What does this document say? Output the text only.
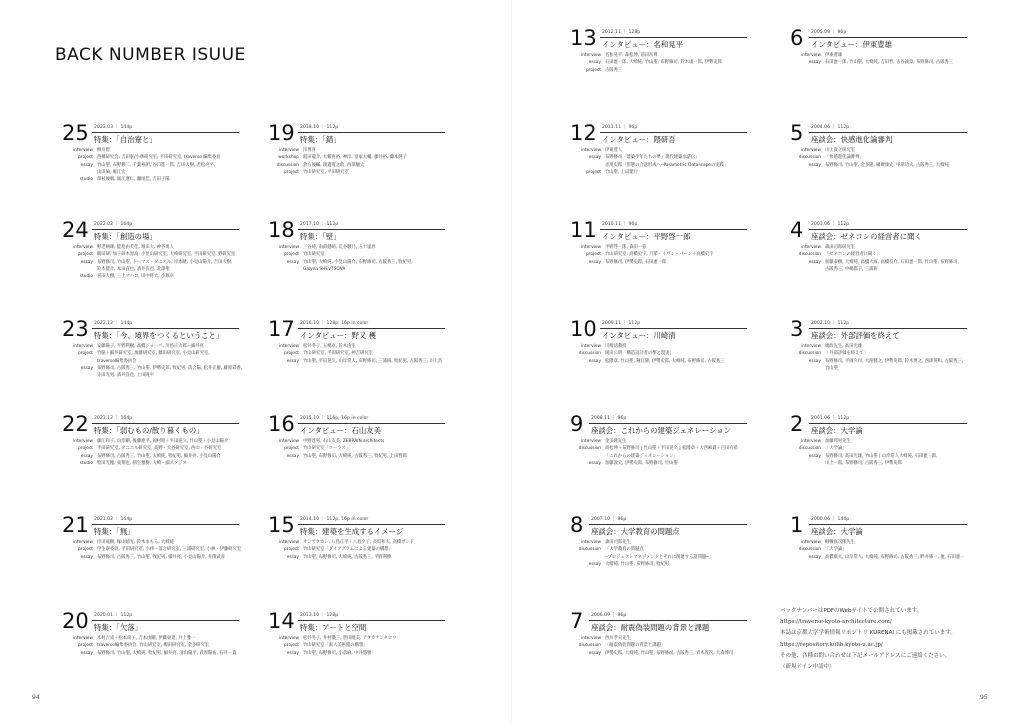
BACK NUMBER ISUUE
25 2023.03 ｜ 144p
特集：「自治寮と」
interview 柳川碧
project 西棟研究会, 吉田寮/小林研究室, 平田研究室, traverse 編集委員
essay 竹山聖, 布野修二, 千葉裕朗, 谷口進一郎, 吉田大樹, 若松亮平,
山田倫, 堀江宏
studio 澤村俊朝, 堀江遼仁, 瀬尾佳, 吉田子陽
19 2018.10 ｜ 112p
特集：「錯」
interview 岸博喜
workshop 阪田龍介, 大藪将裕, 神岸, 富家大輔, 藤井裕, 藤本純子
discussion 倉方俊輔, 渡邊寛之助, 西澤駿太
project 竹山研究室, 平田研究室
24 2022.02 ｜ 164p
特集：「創造の場」
interview 野老朝雄, 能島由芙佳, 増田大, 神谷勇人
project 飯田研, 加子研木原高, 小見山研究室, 大崎研究室, 平田研究室, 野研究室
essay 布野修司, 竹山聖, トーマス・ダニエル, 岸本暁, 小見山陽介, 吉田大樹,
鈴木健介, 本田直也, 酒井良也, 北澤聖
studio 宮田大樹, 三上マハロ, 田中将太, 小堀卓
18 2017.10 ｜ 112p
特集：「壁」
interview 三谷純, 南部健晴, 荒谷駿乃, 五十嵐淳
project 竹山研究室
essay 竹山聖, 大崎純, 小見山陽介, 布野修司, 古阪秀三, 牧紀男,
Galyna SHEVTSOVA
23 2022.12 ｜ 144p
特集：「今、境界をつくるということ」
interview 安藤陽子, 平野利樹, 高橋ジョーベ, 川島正太郎＋細井亮
project 竹脇＋細井研究室, 加藤研究室, 藤田研究室, 小見山研究室,
traverse編集委員会
essay 布野修司, 古阪秀三, 竹山聖, 伊勢史郎, 牧紀男, 落合陽, 松井正慶, 藤原彩香,
寺田光男, 酒井良也, 上田隆平
17 2016.10 ｜ 128p, 16p in color
インタビュー：野又 穫
interview 松井冬子, 五嶋卓, 鈴木由生
project 竹山研究室, 平田研究室, 神吉研究室
essay 竹山聖, 平田晃久, 山岸常人, 布野修司, 三浦研, 牧紀男, 古阪秀三, 川上浩
22 2021.12 ｜ 164p
特集：「弱むもの/散り暮くもの」
interview 藤江和子, 山岸剛, 後藤連平, 岡村昭＋平田晃久, 竹山聖＋小見山陽介
project 平田研究室, ダニエル研究室, 高野・大谷研究室, 西山・谷研究室
essay 布野修司, 古阪秀三, 竹山聖, 大崎純, 牧紀男, 細井亮, 小見山陽介
studio 牧田光穂, 東翔也, 園生雅樹, 大崎・細スタジオ
16 2015.10 ｜ 116p, 16p in color
インタビュー：石山友美
interview 中野達男, 石山友美, ZEBRAIN architects
project 竹山研究室「コーラス」
essay 竹山聖, 布野修司, 大崎純, 古阪秀三, 牧紀男, 上田哲郎
21 2021.02 ｜ 164p
特集：「無」
interview 岸田竜樹, 塚山晴光, 鈴木まもる, 大崎純
project 学生寮委員, 平田研究室, 小林・落合研究室, 三浦研究室, 小林・伊藤研究室
essay 布野修司, 古阪秀三, 竹山聖, 牧紀男, 細井亮, 小見山陽介, 井関武彦
15 2014.10 ｜ 112p, 16p in color
特集：建築を生成するイメージ
interview オンサタカシ, 八島正平＋八島夕子, 長坂和夫, 高橋ボンド
project 竹山研究室「ダイアグラムによる建築の構想」
essay 竹山聖, 布野修司, 大崎純, 古阪秀三, 平野利樹
20 2020.01 ｜ 112p
特集：「欠落」
interview 木村吉成＋松本尚子, 吉本由剛, 伊藤東達, 井上雅一
project traverse編集委員会, 竹山研究室, 柳田研究室, 金多研究室
essay 布野修司, 竹山聖, 大崎純, 牧紀男, 細井亮, 清山陽平, 武原陽祐, 石井一貴
14 2013.10 ｜ 128p
特集：アートと空間
interview 松井冬子, 井村優三, 豊田暁美, アタカケンタロウ
project 竹山研究室「素人美術館の構想」
essay 竹山聖, 布野修司, 小落麻, 中井悠雅
13 2012.11 ｜ 128p
インタビュー：名和晃平
interview 名和晃平, 森松伸, 前田岳尊
essay 石田憲一郎, 大崎純, 竹山聖, 布野修司, 鈴木康一郎, 伊勢史郎
project 古阪秀三
6 2005.09 ｜ 96p
インタビュー：伊東豊雄
interview 伊東豊雄
essay 石田憲一郎, 竹山聖, 大崎純, 吉田哲, 古谷誠章, 布野修司, 古阪秀三
12 2011.11 ｜ 96p
インタビュー：隈研吾
interview 伊東豊人
essay 布野修司「建築少年たちの夢」現代建築水滸伝」
赤尾史郎「形態の合意形成へ─Parametric Datascapeの実践」
project 竹山聖, 上田建行
5 2004.06 ｜ 112p
座談会：快感進化論審判
interview 川上貴之研究室
discussion 「快感進化論審判」
essay 布野修司, 竹山聖, 金多隆, 國廣康史, 甲津功夫, 古阪秀三, 大崎純
11 2010.11 ｜ 96p
インタビュー：平野啓一郎
interview 平野啓一郎, 森田一弥
project 竹山研究室, 高橋史宇, 月節・イヴン・バーン＋高橋史宇
essay 布野修司, 伊勢史郎, 石田憲一郎
4 2003.06 ｜ 112p
座談会：ゼネコンの経営者に聞く
interview 森田司郎研究室
discussion 「ゼネコンの経営者に聞く」
essay 加藤泰樹, 大崎純, 高橋大成, 高橋良介, 石田憲一郎, 竹山聖, 布野修司,
古阪秀三, 中嶋都子, 三浦研
10 2009.11 ｜ 112p
インタビュー：川崎清
interview 川崎清教授
discussion 岡田公明「構造設計者の夢と現実」
essay 松隈章, 竹山聖, 鐘江隆, 伊勢史郎, 大崎純, 布野修司, 古阪秀三
3 2002.10 ｜ 112p
座談会：外部評価を終えて
interview 廣政先生, 高田光雄
discussion 「外部評価を終えて」
essay 布野修司, 平岡久司, 大窪健之, 伊勢史郎, 鈴木博之, 西澤英和, 古阪秀三,
竹山聖
9 2008.11 ｜ 96p
座談会：これからの建築ジェネレーション
interview 金多隆先生
discussion 高松伸＋布野修司 | 竹山聖＋平田晃久 | 松隈章＋大西麻貴＋百田有希
「これからの建築ジェネレーション」
essay 加藤敦史, 伊勢史郎, 布野修司, 竹山聖
2 2001.06 ｜ 112p
座談会：大学論
interview 加藤邦男先生
discussion 「大学論」
essay 布野修司, 高田光雄, 竹山聖 | 山岸常人大崎純, 石田憲一郎,
川上一郎, 布野修司, 古阪秀三, 伊勢史郎
8 2007.10 ｜ 96p
座談会：大学教育の問題点
interview 森田司郎先生
discussion 「大学教育の問題点
─プロジェクトマネジメントとそれに関連する諸問題─」
essay 大崎純, 竹山聖, 布野修司, 牧紀男
1 2000.06 ｜ 144p
座談会：大学論
interview 桐敷真次郎先生
discussion 「大学論」
essay 高橋康夫, 山岸常人, 大崎純, 布野修司, 古阪秀三, 畔井修一, 他, 石田憲一
7 2006.09 ｜ 96p
座談会：耐震偽装問題の背景と課題
interview 西川孝夫先生
discussion 「耐震偽装問題の背景と課題」
essay 伊勢史郎, 大崎純, 竹山聖, 布野修司, 古阪秀三, 青木義次, 大森博司
バックナンバーはPDFのWebサイトで公開されています。
https://traverse-kyoto-architecture.com/
本誌は京都大学学術情報リポジトリ KURENAI にも掲載されています。
https://repository.kulib.kyoto-u.ac.jp/
その他、各種お問い合わせは下記メールアドレスにご連絡ください。
（新規ドイン申請中）
94	95
